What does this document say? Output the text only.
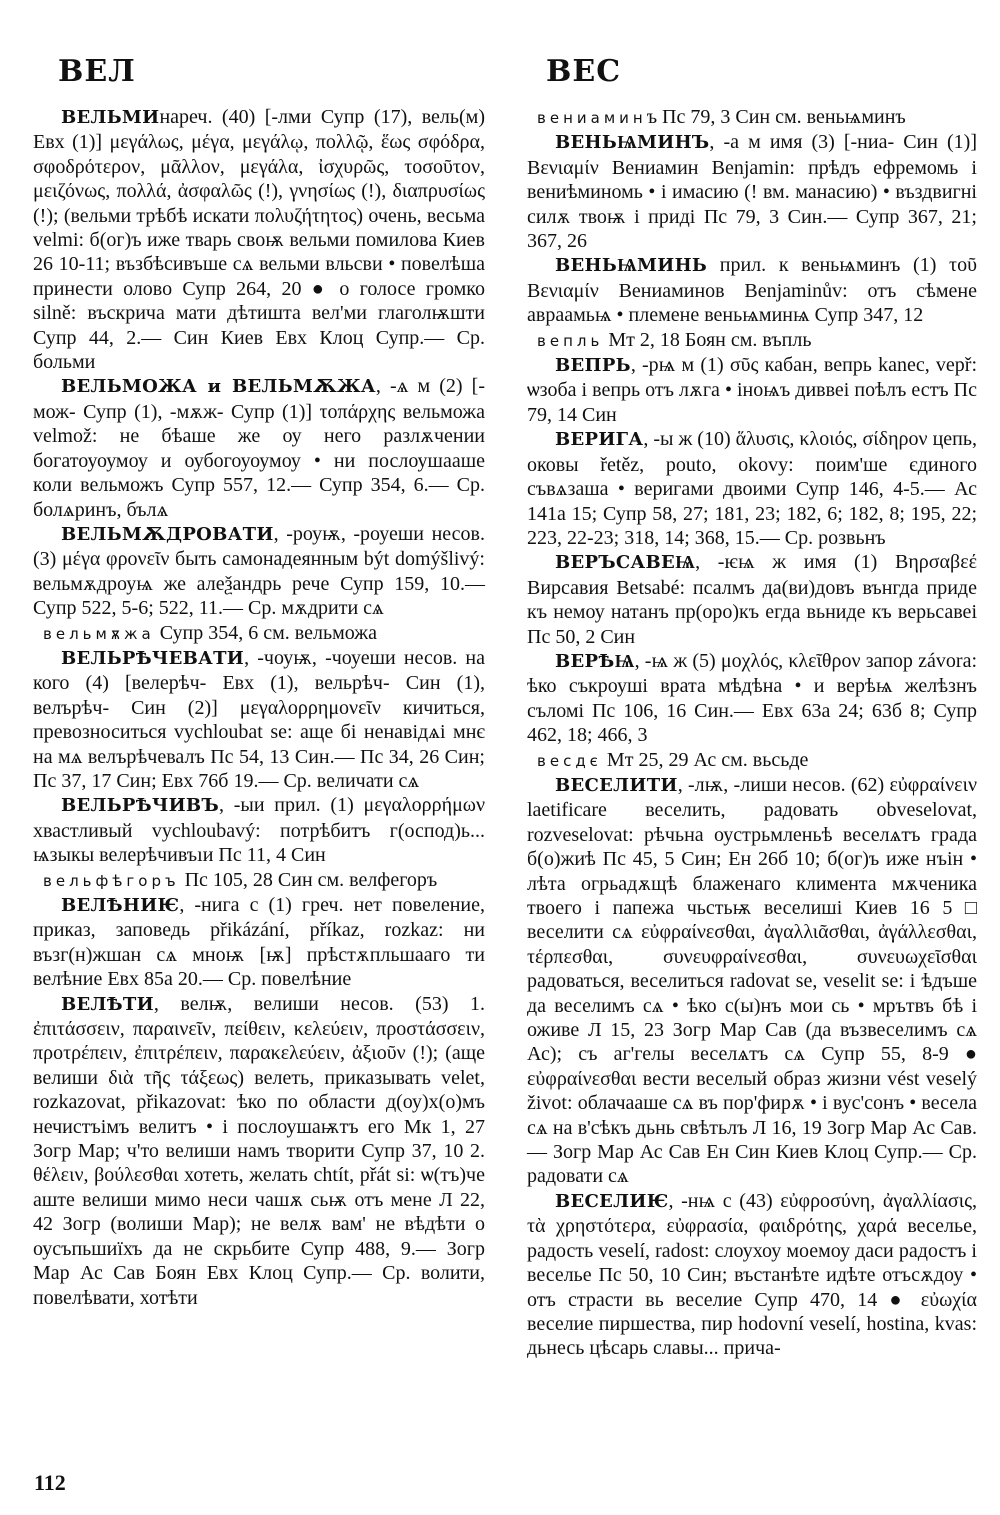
ВЕЛ	ВЕС

ВЕЛЬМИнареч. (40) [-лми Супр (17), вель(м) Евх (1)] μεγάλως, μέγα, μεγάλῳ, πολλῷ, ἕως σφόδρα, σφοδρότερον, μᾶλλον, μεγάλα, ἰσχυρῶς, τοσοῦτον, μειζόνως, πολλά, ἀσφαλῶς (!), γνησίως (!), διαπρυσίως (!); (вельми трѣбѣ искати πολυζήτητος) очень, весьма velmi: б(ог)ъ иже тварь своѭ вельми помилова Киев 26 10-11; възбѣсивъше сѧ вельми вльсви • повелѣша принести олово Супр 264, 20 ● о голосе громко silně: въскрича мати дѣтишта вел'ми глаголѭшти Супр 44, 2.— Син Киев Евх Клоц Супр.— Ср. больми

ВЕЛЬМОЖА и ВЕЛЬМѪЖА, -ѧ м (2) [-мож- Супр (1), -мѫж- Супр (1)] τοπάρχης вельможа velmož: не бѣаше же оу него разлѫчении богатоуоумоу и оубогоуоумоу • ни послоушааше коли вельможъ Супр 557, 12.— Супр 354, 6.— Ср. болѧринъ, бълѧ

ВЕЛЬМѪДРОВАТИ, -роуѭ, -роуеши несов. (3) μέγα φρονεῖν быть самонадеянным být domýšlivý: вельмѫдроуѩ же алеѯандрь рече Супр 159, 10.— Супр 522, 5-6; 522, 11.— Ср. мѫдрити сѧ

вельмѫжа Супр 354, 6 см. вельможа

ВЕЛЬРѢЧЕВАТИ, -чоуѭ, -чоуеши несов. на кого (4) [велерѣч- Евх (1), вельрѣч- Син (1), велърѣч- Син (2)] μεγαλορρημονεῖν кичиться, превозноситься vychloubat se: аще бі ненавідѧі мнє на мѧ велърѣчевалъ Пс 54, 13 Син.— Пс 34, 26 Син; Пс 37, 17 Син; Евх 76б 19.— Ср. величати сѧ

ВЕЛЬРѢЧИВЪ, -ыи прил. (1) μεγαλορρήμων хвастливый vychloubavý: потрѣбитъ г(оспод)ь... ѩзыкы велерѣчивъıи Пс 11, 4 Син

вельфѣгоръ Пс 105, 28 Син см. велфегоръ

ВЕЛѢНИѤ, -нига с (1) греч. нет повеление, приказ, заповедь přikázání, příkaz, rozkaz: ни възг(н)жшан сѧ мноѭ [ѭ] прѣстѫпльшааго ти велѣние Евх 85а 20.— Ср. повелѣние

ВЕЛѢТИ, велѭ, велиши несов. (53) 1. ἐπιτάσσειν, παραινεῖν, πείθειν, κελεύειν, προστάσσειν, προτρέπειν, ἐπιτρέπειν, παρακελεύειν, ἀξιοῦν (!); (аще велиши διὰ τῆς τάξεως) велеть, приказывать velet, rozkazovat, přikazovat: ѣко по области д(оу)х(о)мъ нечистъімъ велитъ • і послоушаѭтъ его Мк 1, 27 Зогр Мар; ч'то велиши намъ творити Супр 37, 10 2. θέλειν, βούλεσθαι хотеть, желать chtít, přát si: ѡ(тъ)че аште велиши мимо неси чашѫ сьѭ отъ мене Л 22, 42 Зогр (волиши Мар); не велѫ вам' не вѣдѣти о оусъпьшиїхъ да не скрьбите Супр 488, 9.— Зогр Мар Ас Сав Боян Евх Клоц Супр.— Ср. волити, повелѣвати, хотѣти

вениаминъ Пс 79, 3 Син см. веньѩминъ

ВЕНЬѨМИНЪ, -а м имя (3) [-ниа- Син (1)] Βενιαμίν Вениамин Benjamin: прѣдъ ефремомь і вениѣминомь • і имасию (! вм. манасию) • въздвигні силѫ твоѭ і приді Пс 79, 3 Син.— Супр 367, 21; 367, 26

ВЕНЬѨМИНЬ прил. к веньѩминъ (1) τοῦ Βενιαμίν Вениаминов Benjaminův: отъ сѣмене авраамьѩ • племене веньѩминѩ Супр 347, 12

вепль Мт 2, 18 Боян см. въпль

ВЕПРЬ, -рѩ м (1) σῦς кабан, вепрь kanec, vepř: ѡзоба і вепрь отъ лѫга • іноѩъ диввеі поѣлъ естъ Пс 79, 14 Син

ВЕРИГА, -ы ж (10) ἅλυσις, κλοιός, σίδηρον цепь, оковы řetěz, pouto, okovy: поим'ше єдиного съвѧзаша • веригами двоими Супр 146, 4-5.— Ас 141а 15; Супр 58, 27; 181, 23; 182, 6; 182, 8; 195, 22; 223, 22-23; 318, 14; 368, 15.— Ср. розвьнъ

ВЕРЪСАВЕѨ, -ѥѩ ж имя (1) Βηρσαβεέ Вирсавия Betsabé: псалмъ да(ви)довъ вънгда приде къ немоу натанъ пр(оро)къ егда вьниде къ верьсавеі Пс 50, 2 Син

ВЕРѢѨ, -ѩ ж (5) μοχλός, κλεῖθρον запор závora: ѣко съкроуші врата мѣдѣна • и верѣѩ желѣзнъ съломі Пс 106, 16 Син.— Евх 63а 24; 63б 8; Супр 462, 18; 466, 3

весдє Мт 25, 29 Ас см. вьсьде

ВЕСЕЛИТИ, -лѭ, -лиши несов. (62) εὐφραίνειν laetificare веселить, радовать obveselovat, rozveselovat: рѣчьна оустрьмленьѣ веселѧтъ града б(о)жиѣ Пс 45, 5 Син; Ен 26б 10; б(ог)ъ иже нъін • лѣта огрьадѫщѣ блаженаго климента мѫченика твоего і папежа чьстьѭ веселиші Киев 16 5 □ веселити сѧ εὐφραίνεσθαι, ἀγαλλιᾶσθαι, ἀγάλλεσθαι, τέρπεσθαι, συνευφραίνεσθαι, συνευωχεῖσθαι радоваться, веселиться radovat se, veselit se: і ѣдъше да веселимъ сѧ • ѣко с(ы)нъ мои сь • мрътвъ бѣ і оживе Л 15, 23 Зогр Мар Сав (да възвеселимъ сѧ Ас); съ аг'гелы веселѧтъ сѧ Супр 55, 8-9 ● εὐφραίνεσθαι вести веселый образ жизни vést veselý život: облачааше сѧ въ пор'фирѫ • і вус'сонъ • весела сѧ на в'сѣкъ дьнь свѣтьлъ Л 16, 19 Зогр Мар Ас Сав.— Зогр Мар Ас Сав Ен Син Киев Клоц Супр.— Ср. радовати сѧ

ВЕСЕЛИѤ, -нѩ с (43) εὐφροσύνη, ἀγαλλίασις, τὰ χρηστότερα, εὐφρασία, φαιδρότης, χαρά веселье, радость veselí, radost: слоухоу моемоу даси радостъ і веселье Пс 50, 10 Син; въстанѣте идѣте отъсѫдоу • отъ страсти вь веселие Супр 470, 14 ● εὐωχία веселие пиршества, пир hodovní veselí, hostina, kvas: дьнесь цѣсарь славы... прича-

112
